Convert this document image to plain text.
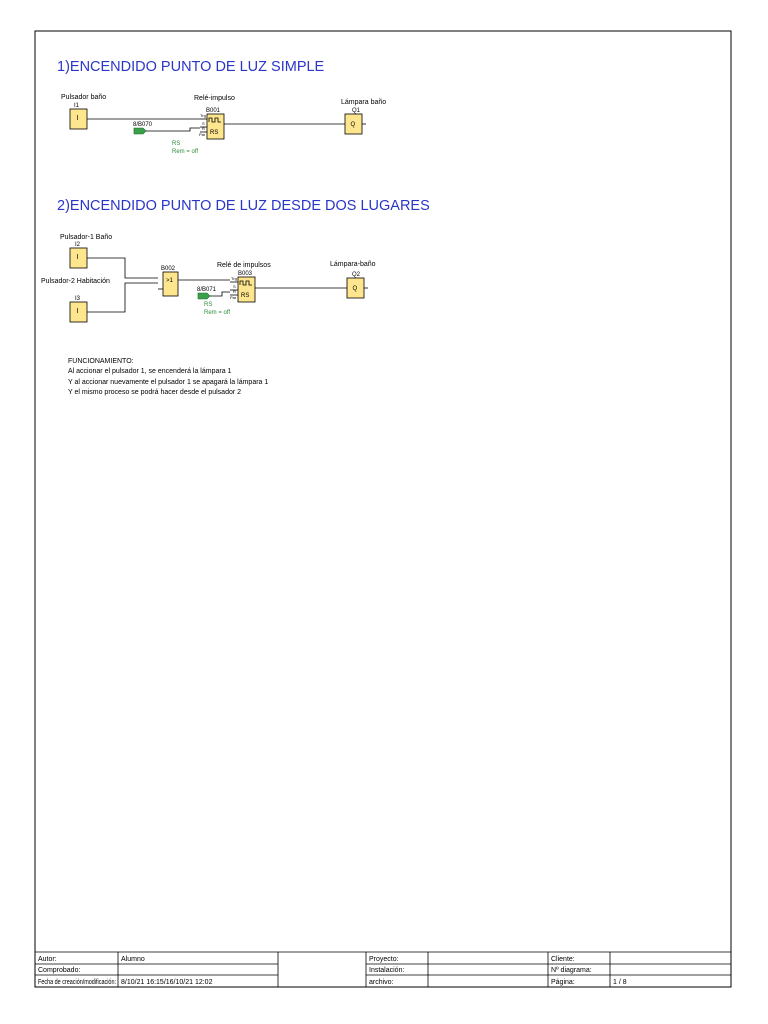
1)ENCENDIDO PUNTO DE LUZ SIMPLE
Pulsador baño
I1
I
Relé-impulso
B001
RS
Trg
S
R
Par
8/B070
RS
Rem = off
Lámpara baño
Q1
Q
2)ENCENDIDO PUNTO DE LUZ DESDE DOS LUGARES
Pulsador-1 Baño
I2
I
Pulsador-2 Habitación
I3
I
B002
>1
Relé de impulsos
B003
RS
Trg
S
R
Par
8/B071
RS
Rem = off
Lámpara-baño
Q2
Q
FUNCIONAMIENTO:
Al accionar el pulsador 1, se encenderá la lámpara 1
Y al accionar nuevamente el pulsador 1 se apagará la lámpara 1
Y el mismo proceso se podrá hacer desde el pulsador 2
Autor:	Alumno
Comprobado:
Fecha de creación/modificación: 8/10/21 16:15/16/10/21 12:02
Proyecto:
Instalación:
archivo:
Cliente:
Nº diagrama:
Página:	1 / 8
